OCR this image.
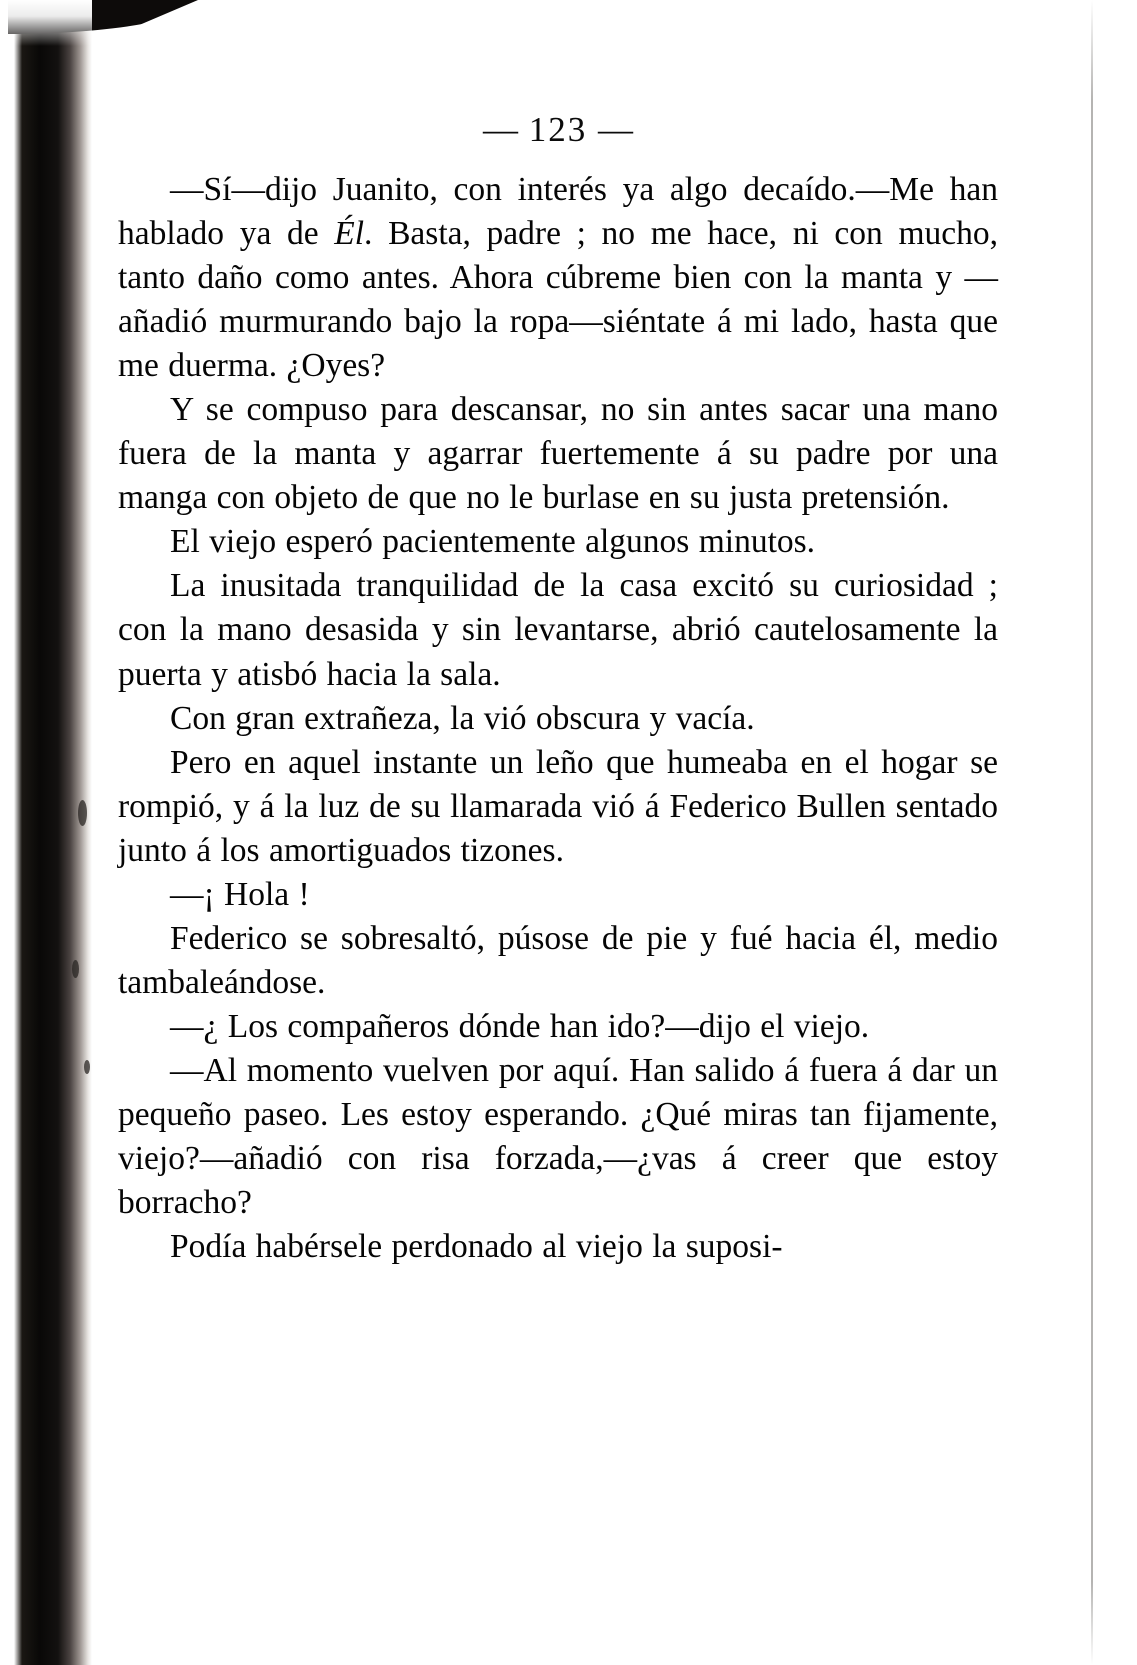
— 123 —

—Sí—dijo Juanito, con interés ya algo decaído.—Me han hablado ya de Él. Basta, padre ; no me hace, ni con mucho, tanto daño como antes. Ahora cúbreme bien con la manta y —añadió murmurando bajo la ropa—siéntate á mi lado, hasta que me duerma. ¿Oyes?

Y se compuso para descansar, no sin antes sacar una mano fuera de la manta y agarrar fuertemente á su padre por una manga con objeto de que no le burlase en su justa pretensión.

El viejo esperó pacientemente algunos minutos.

La inusitada tranquilidad de la casa excitó su curiosidad ; con la mano desasida y sin levantarse, abrió cautelosamente la puerta y atisbó hacia la sala.

Con gran extrañeza, la vió obscura y vacía.

Pero en aquel instante un leño que humeaba en el hogar se rompió, y á la luz de su llamarada vió á Federico Bullen sentado junto á los amortiguados tizones.

—¡ Hola !

Federico se sobresaltó, púsose de pie y fué hacia él, medio tambaleándose.

—¿ Los compañeros dónde han ido?—dijo el viejo.

—Al momento vuelven por aquí. Han salido á fuera á dar un pequeño paseo. Les estoy esperando. ¿Qué miras tan fijamente, viejo?—añadió con risa forzada,—¿vas á creer que estoy borracho?

Podía habérsele perdonado al viejo la suposi-
